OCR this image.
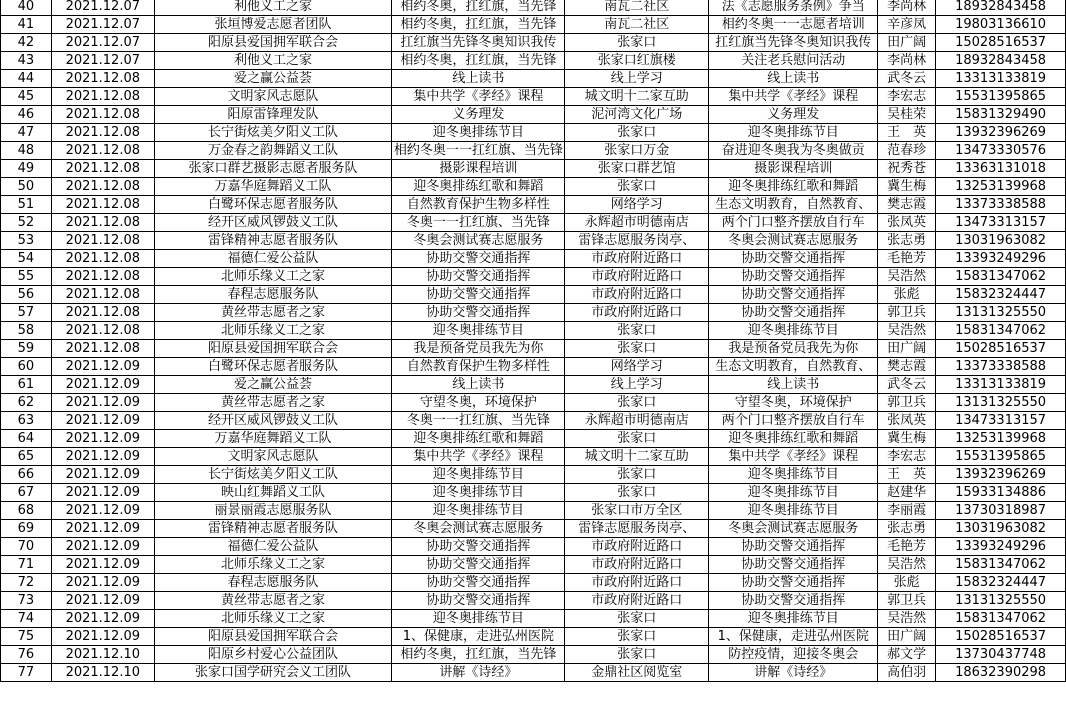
40	2021.12.07	利他义工之家	相约冬奥，扛红旗，当先锋	南瓦二社区	法《志愿服务条例》争当	李尚林	18932843458
41	2021.12.07	张垣博爱志愿者团队	相约冬奥，扛红旗，当先锋	南瓦二社区	相约冬奥一一志愿者培训	辛彦凤	19803136610
42	2021.12.07	阳原县爱国拥军联合会	扛红旗当先锋冬奥知识我传	张家口	扛红旗当先锋冬奥知识我传	田广阔	15028516537
43	2021.12.07	利他义工之家	相约冬奥，扛红旗，当先锋	张家口红旗楼	关注老兵慰问活动	李尚林	18932843458
44	2021.12.08	爱之赢公益荟	线上读书	线上学习	线上读书	武冬云	13313133819
45	2021.12.08	文明家风志愿队	集中共学《孝经》课程	城文明十二家互助	集中共学《孝经》课程	李宏志	15531395865
46	2021.12.08	阳原雷锋理发队	义务理发	泥河湾文化广场	义务理发	吴桂荣	15831329490
47	2021.12.08	长宁街炫美夕阳义工队	迎冬奥排练节目	张家口	迎冬奥排练节目	王　英	13932396269
48	2021.12.08	万金春之韵舞蹈义工队	相约冬奥一一扛红旗、当先锋	张家口万金	奋进迎冬奥我为冬奥做贡	范春珍	13473330576
49	2021.12.08	张家口群艺摄影志愿者服务队	摄影课程培训	张家口群艺馆	摄影课程培训	祝秀苍	13363131018
50	2021.12.08	万嘉华庭舞蹈义工队	迎冬奥排练红歌和舞蹈	张家口	迎冬奥排练红歌和舞蹈	冀生梅	13253139968
51	2021.12.08	白鹭环保志愿者服务队	自然教育保护生物多样性	网络学习	生态文明教育，自然教育、	樊志霞	13373338588
52	2021.12.08	经开区威风锣鼓义工队	冬奥一一扛红旗、当先锋	永辉超市明德南店	两个门口整齐摆放自行车	张凤英	13473313157
53	2021.12.08	雷锋精神志愿者服务队	冬奥会测试赛志愿服务	雷锋志愿服务岗亭、	冬奥会测试赛志愿服务	张志勇	13031963082
54	2021.12.08	福德仁爱公益队	协助交警交通指挥	市政府附近路口	协助交警交通指挥	毛艳芳	13393249296
55	2021.12.08	北师乐缘义工之家	协助交警交通指挥	市政府附近路口	协助交警交通指挥	吴浩然	15831347062
56	2021.12.08	春程志愿服务队	协助交警交通指挥	市政府附近路口	协助交警交通指挥	张彪	15832324447
57	2021.12.08	黄丝带志愿者之家	协助交警交通指挥	市政府附近路口	协助交警交通指挥	郭卫兵	13131325550
58	2021.12.08	北师乐缘义工之家	迎冬奥排练节目	张家口	迎冬奥排练节目	吴浩然	15831347062
59	2021.12.08	阳原县爱国拥军联合会	我是预备党员我先为你	张家口	我是预备党员我先为你	田广阔	15028516537
60	2021.12.09	白鹭环保志愿者服务队	自然教育保护生物多样性	网络学习	生态文明教育，自然教育、	樊志霞	13373338588
61	2021.12.09	爱之赢公益荟	线上读书	线上学习	线上读书	武冬云	13313133819
62	2021.12.09	黄丝带志愿者之家	守望冬奥，环境保护	张家口	守望冬奥，环境保护	郭卫兵	13131325550
63	2021.12.09	经开区威风锣鼓义工队	冬奥一一扛红旗、当先锋	永辉超市明德南店	两个门口整齐摆放自行车	张凤英	13473313157
64	2021.12.09	万嘉华庭舞蹈义工队	迎冬奥排练红歌和舞蹈	张家口	迎冬奥排练红歌和舞蹈	冀生梅	13253139968
65	2021.12.09	文明家风志愿队	集中共学《孝经》课程	城文明十二家互助	集中共学《孝经》课程	李宏志	15531395865
66	2021.12.09	长宁街炫美夕阳义工队	迎冬奥排练节目	张家口	迎冬奥排练节目	王　英	13932396269
67	2021.12.09	映山红舞蹈义工队	迎冬奥排练节目	张家口	迎冬奥排练节目	赵建华	15933134886
68	2021.12.09	丽景丽霞志愿服务队	迎冬奥排练节目	张家口市万全区	迎冬奥排练节目	李丽霞	13730318987
69	2021.12.09	雷锋精神志愿者服务队	冬奥会测试赛志愿服务	雷锋志愿服务岗亭、	冬奥会测试赛志愿服务	张志勇	13031963082
70	2021.12.09	福德仁爱公益队	协助交警交通指挥	市政府附近路口	协助交警交通指挥	毛艳芳	13393249296
71	2021.12.09	北师乐缘义工之家	协助交警交通指挥	市政府附近路口	协助交警交通指挥	吴浩然	15831347062
72	2021.12.09	春程志愿服务队	协助交警交通指挥	市政府附近路口	协助交警交通指挥	张彪	15832324447
73	2021.12.09	黄丝带志愿者之家	协助交警交通指挥	市政府附近路口	协助交警交通指挥	郭卫兵	13131325550
74	2021.12.09	北师乐缘义工之家	迎冬奥排练节目	张家口	迎冬奥排练节目	吴浩然	15831347062
75	2021.12.09	阳原县爱国拥军联合会	1、保健康，走进弘州医院	张家口	1、保健康，走进弘州医院	田广阔	15028516537
76	2021.12.10	阳原乡村爱心公益团队	相约冬奥，扛红旗，当先锋	张家口	防控疫情，迎接冬奥会	郝文学	13730437748
77	2021.12.10	张家口国学研究会义工团队	讲解《诗经》	金鼎社区阅览室	讲解《诗经》	高伯羽	18632390298
